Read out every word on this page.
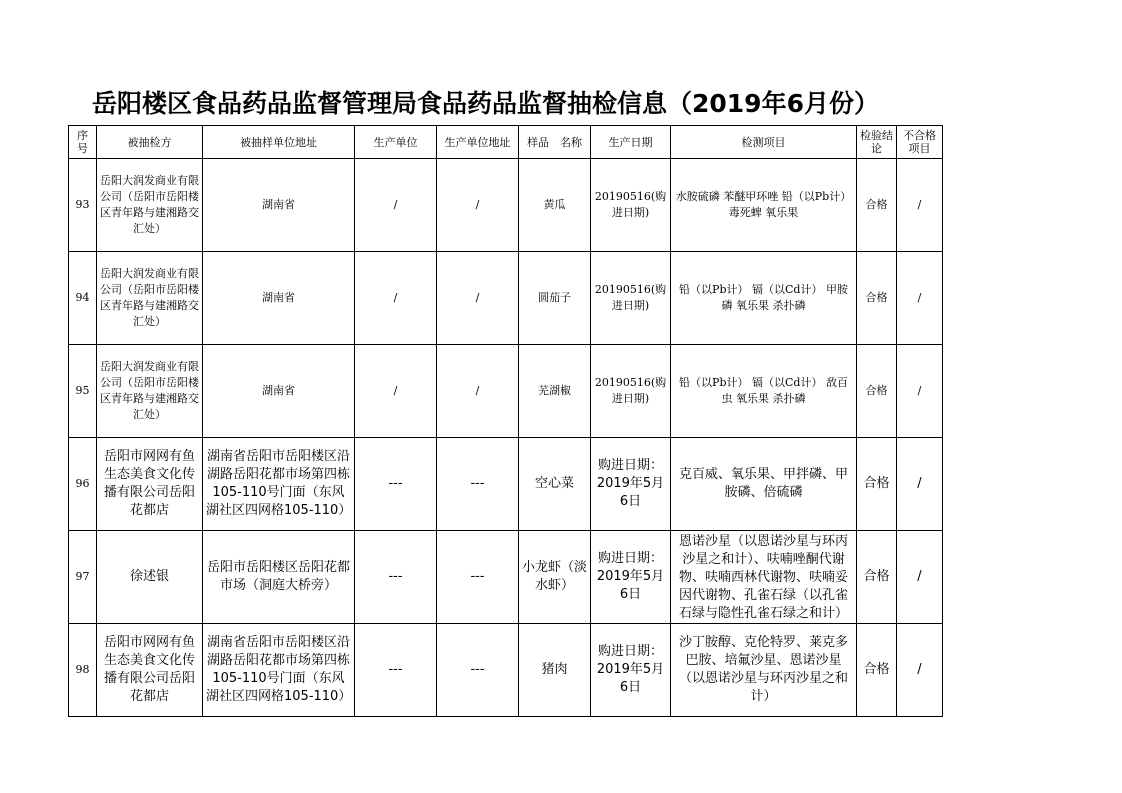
岳阳楼区食品药品监督管理局食品药品监督抽检信息（2019年6月份）
序号	被抽检方	被抽样单位地址	生产单位	生产单位地址	样品　名称	生产日期	检测项目	检验结论	不合格项目
93	岳阳大润发商业有限公司（岳阳市岳阳楼区青年路与建湘路交汇处）	湖南省	/	/	黄瓜	20190516(购进日期)	水胺硫磷 苯醚甲环唑 铅（以Pb计） 毒死蜱 氧乐果	合格	/
94	岳阳大润发商业有限公司（岳阳市岳阳楼区青年路与建湘路交汇处）	湖南省	/	/	圆茄子	20190516(购进日期)	铅（以Pb计） 镉（以Cd计） 甲胺磷 氧乐果 杀扑磷	合格	/
95	岳阳大润发商业有限公司（岳阳市岳阳楼区青年路与建湘路交汇处）	湖南省	/	/	芜湖椒	20190516(购进日期)	铅（以Pb计） 镉（以Cd计） 敌百虫 氧乐果 杀扑磷	合格	/
96	岳阳市网网有鱼生态美食文化传播有限公司岳阳花都店	湖南省岳阳市岳阳楼区沿湖路岳阳花都市场第四栋105-110号门面（东风湖社区四网格105-110）	---	---	空心菜	购进日期：2019年5月6日	克百威、氧乐果、甲拌磷、甲胺磷、倍硫磷	合格	/
97	徐述银	岳阳市岳阳楼区岳阳花都市场（洞庭大桥旁）	---	---	小龙虾（淡水虾）	购进日期：2019年5月6日	恩诺沙星（以恩诺沙星与环丙沙星之和计）、呋喃唑酮代谢物、呋喃西林代谢物、呋喃妥因代谢物、孔雀石绿（以孔雀石绿与隐性孔雀石绿之和计）	合格	/
98	岳阳市网网有鱼生态美食文化传播有限公司岳阳花都店	湖南省岳阳市岳阳楼区沿湖路岳阳花都市场第四栋105-110号门面（东风湖社区四网格105-110）	---	---	猪肉	购进日期：2019年5月6日	沙丁胺醇、克伦特罗、莱克多巴胺、培氟沙星、恩诺沙星（以恩诺沙星与环丙沙星之和计）	合格	/
